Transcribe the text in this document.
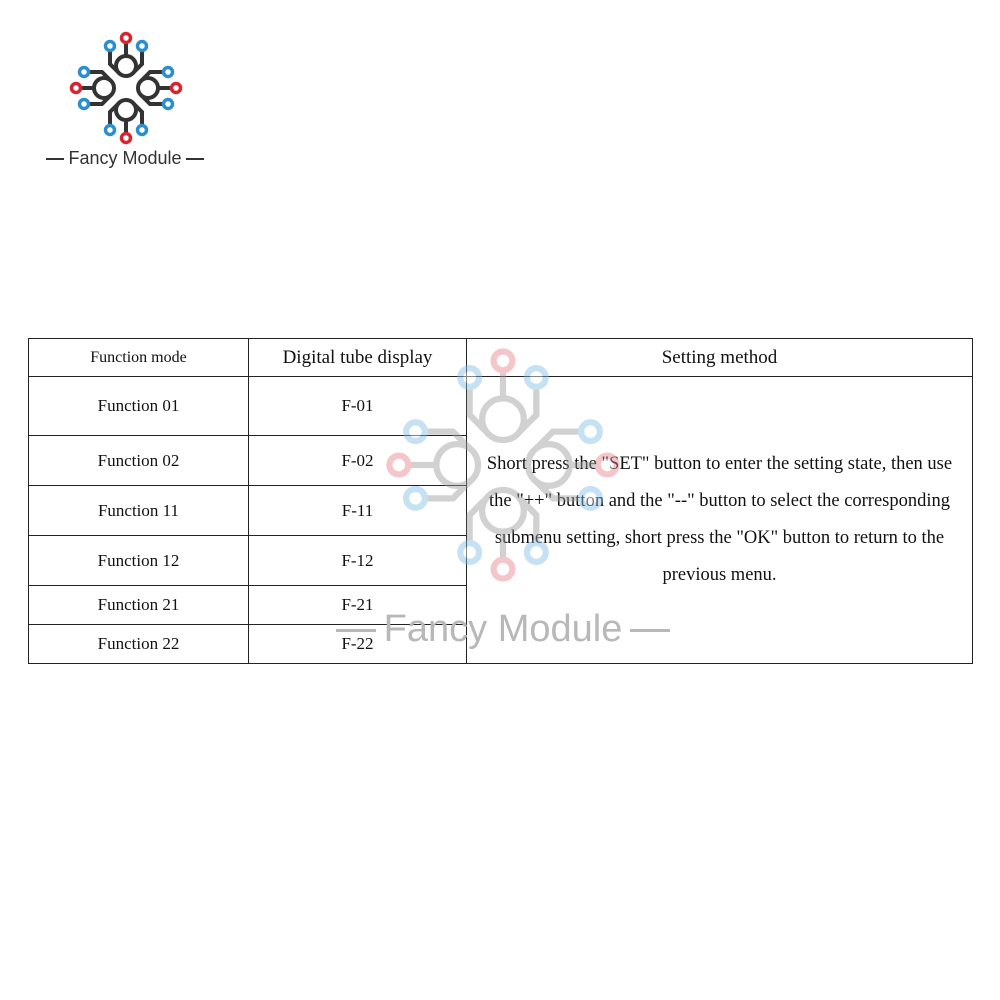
Fancy Module
Function mode	Digital tube display	Setting method
Function 01	F-01	Short press the "SET" button to enter the setting state, then use the "++" button and the "--" button to select the corresponding submenu setting, short press the "OK" button to return to the previous menu.
Function 02	F-02	
Function 11	F-11	
Function 12	F-12	
Function 21	F-21	
Function 22	F-22	Fancy Module
